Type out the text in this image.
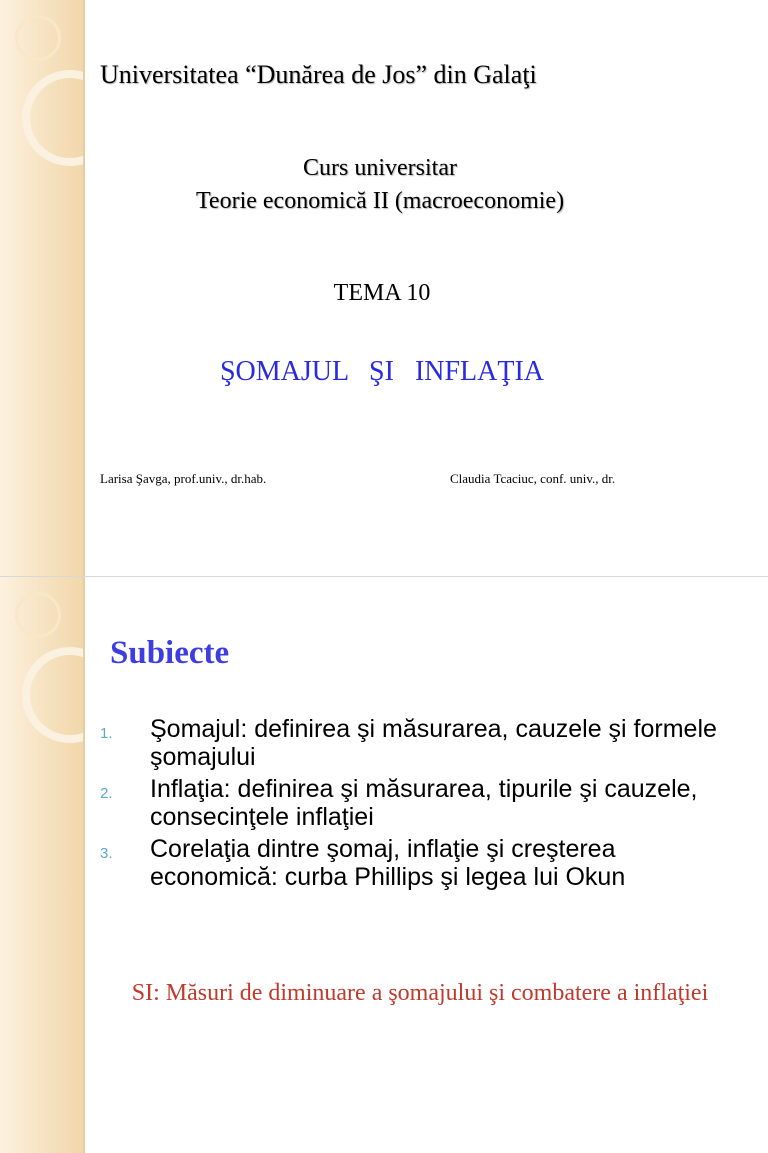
Universitatea “Dunărea de Jos” din Galaţi
Curs universitar
Teorie economică II (macroeconomie)
TEMA 10
ŞOMAJUL   ŞI   INFLAŢIA
Larisa Şavga, prof.univ., dr.hab.	Claudia Tcaciuc, conf. univ., dr.
Subiecte
1. Şomajul: definirea şi măsurarea, cauzele şi formele şomajului
2. Inflaţia: definirea şi măsurarea, tipurile şi cauzele, consecinţele inflaţiei
3. Corelaţia dintre şomaj, inflaţie şi creşterea economică: curba Phillips şi legea lui Okun
SI: Măsuri de diminuare a şomajului şi combatere a inflaţiei
